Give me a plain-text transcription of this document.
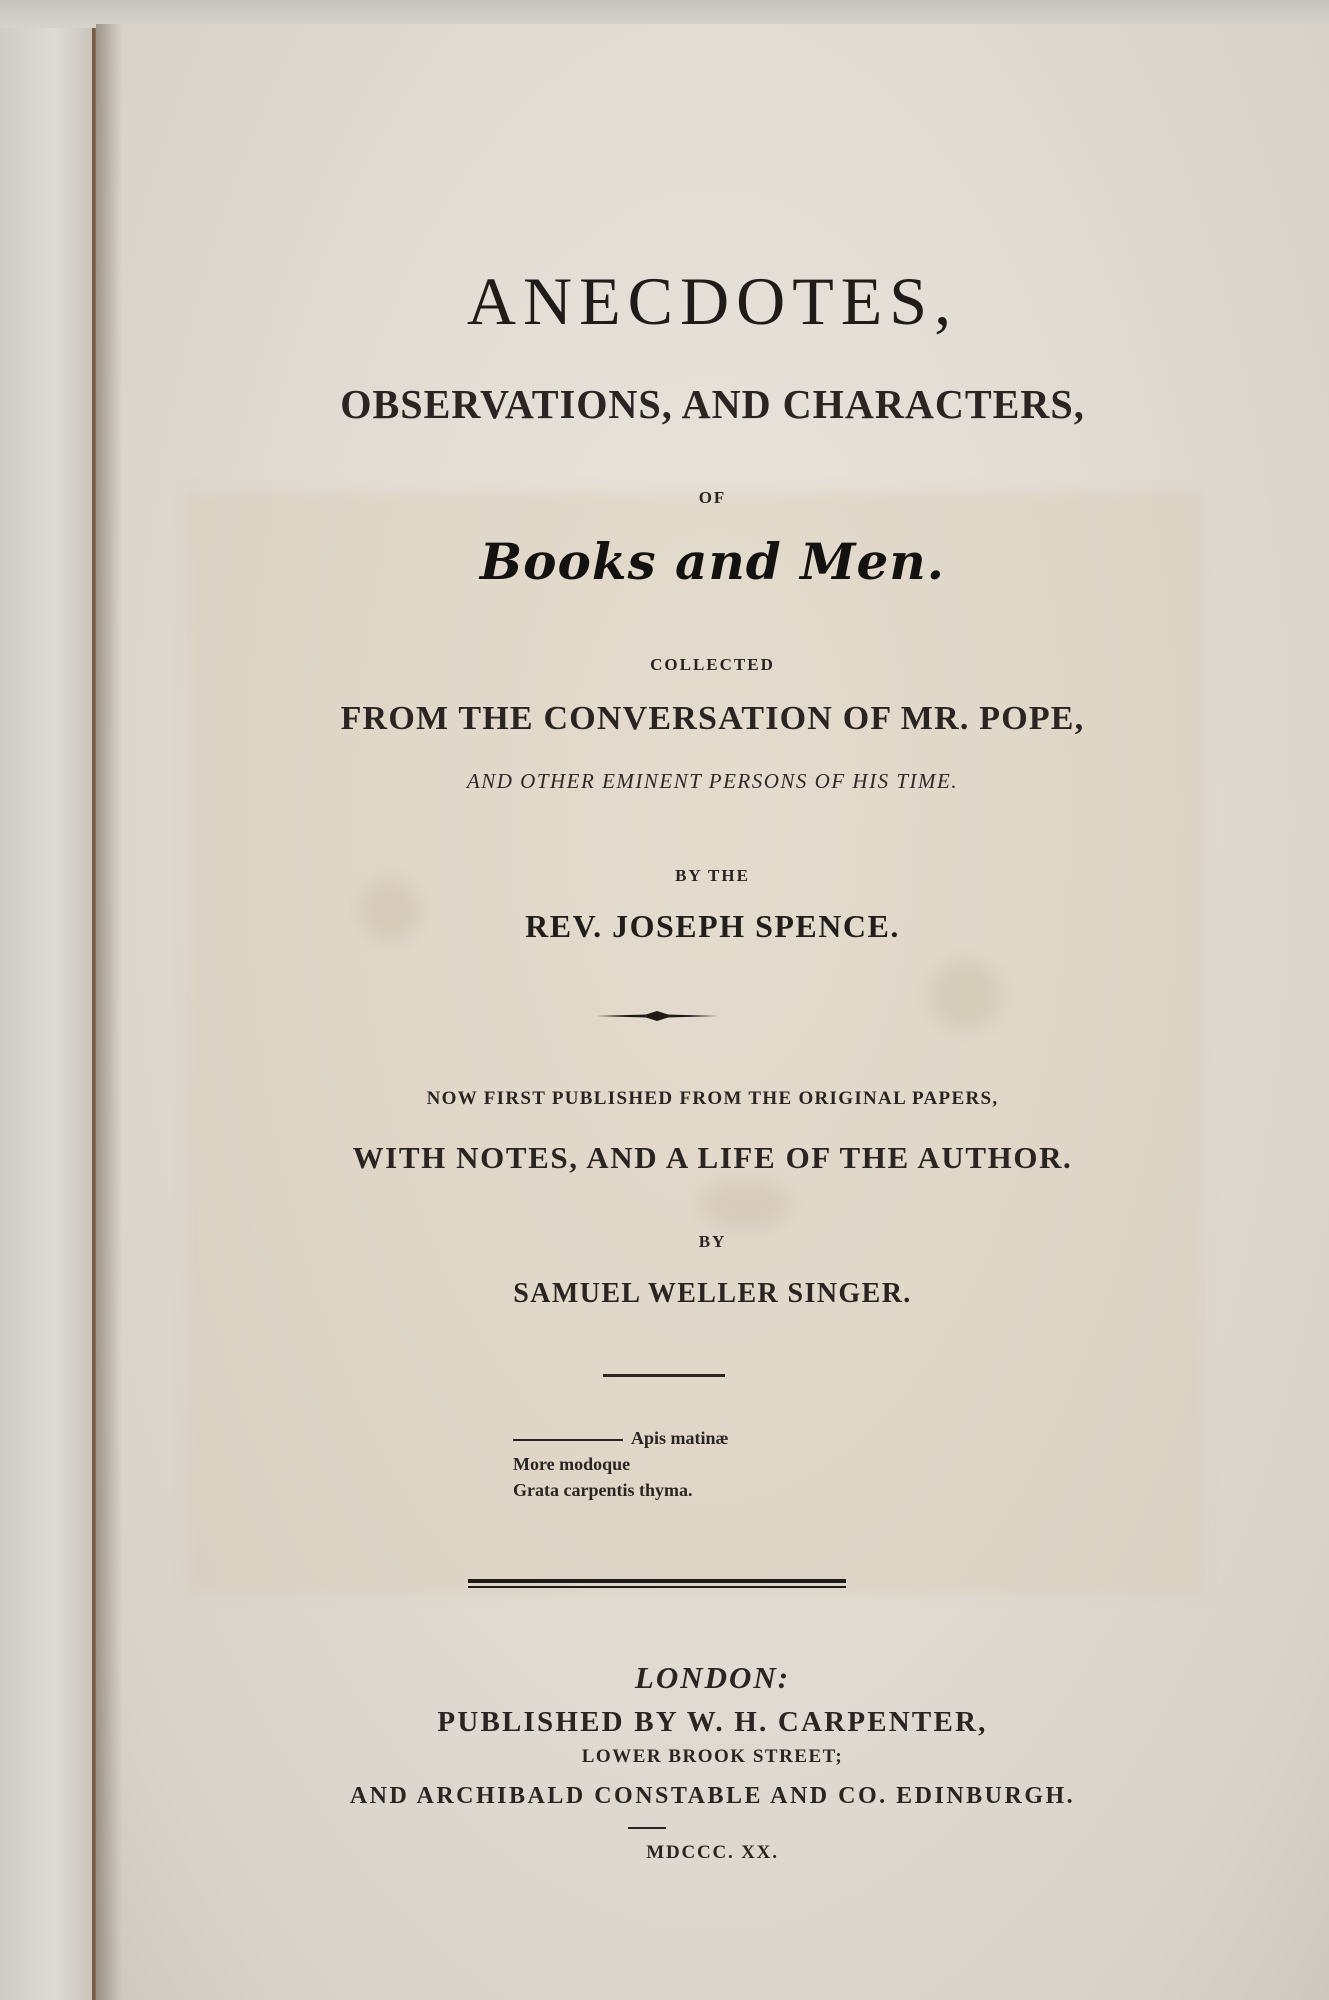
ANECDOTES,
OBSERVATIONS, AND CHARACTERS,
OF
Books and Men.
COLLECTED
FROM THE CONVERSATION OF MR. POPE,
AND OTHER EMINENT PERSONS OF HIS TIME.
BY THE
REV. JOSEPH SPENCE.
NOW FIRST PUBLISHED FROM THE ORIGINAL PAPERS,
WITH NOTES, AND A LIFE OF THE AUTHOR.
BY
SAMUEL WELLER SINGER.
Apis matinæ
More modoque
Grata carpentis thyma.
LONDON:
PUBLISHED BY W. H. CARPENTER,
LOWER BROOK STREET;
AND ARCHIBALD CONSTABLE AND CO. EDINBURGH.
MDCCC. XX.
